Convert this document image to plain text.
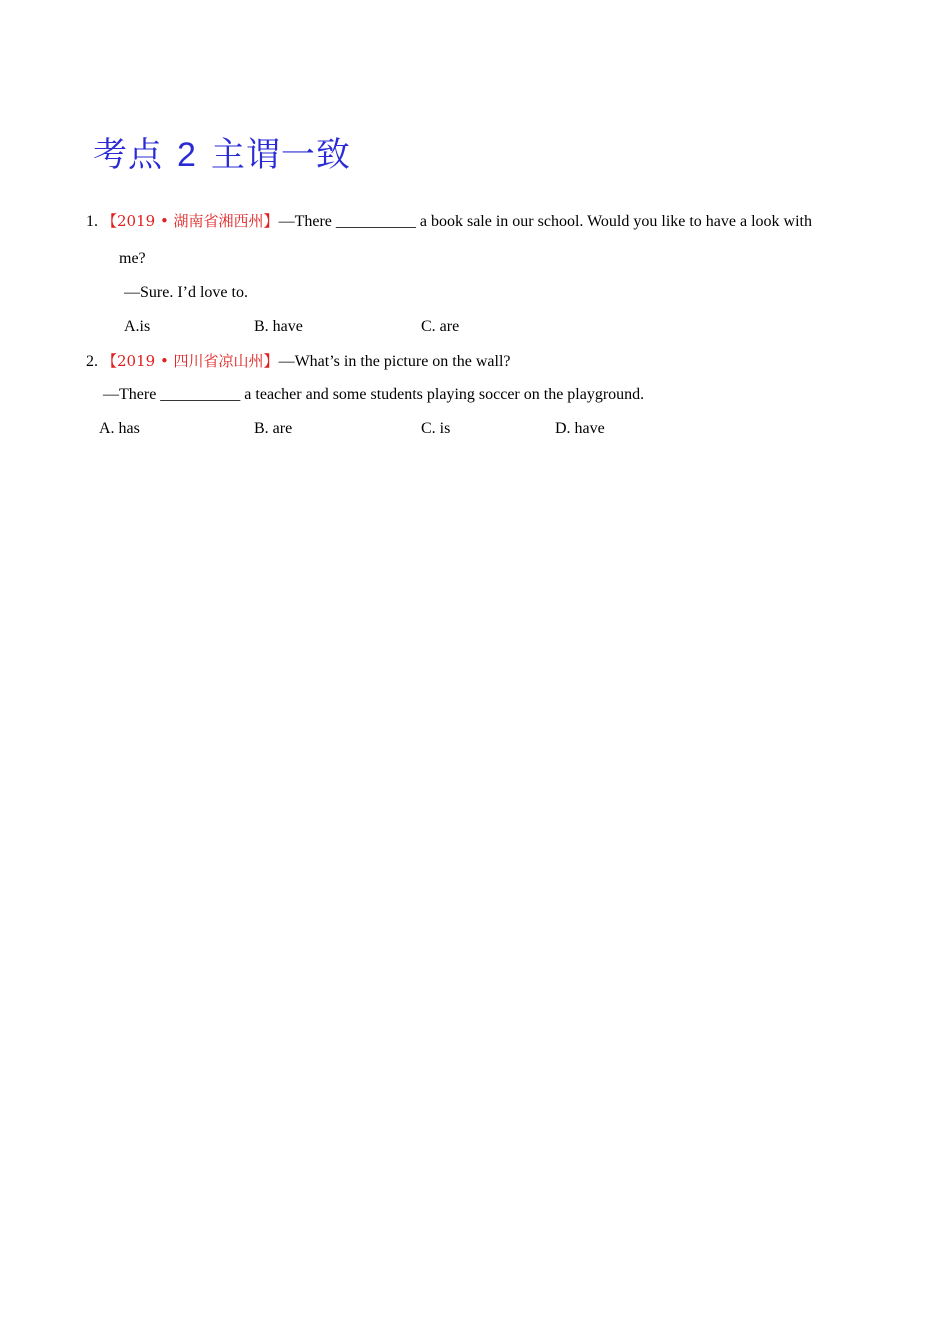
考点 2 主谓一致
1. 【2019 • 湖南省湘西州】—There __________ a book sale in our school. Would you like to have a look with
me?
—Sure. I’d love to.
A.is	B. have	C. are
2. 【2019 • 四川省凉山州】—What’s in the picture on the wall?
—There __________ a teacher and some students playing soccer on the playground.
A. has	B. are	C. is	D. have
